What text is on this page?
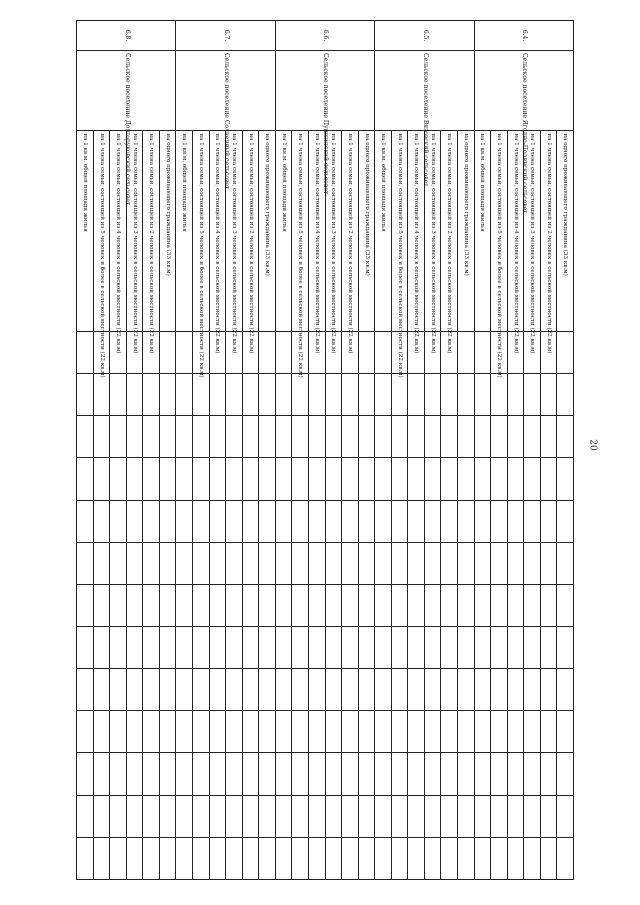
20
6.4.	Сельское поселение Ягодно-Полянский сельсовет	на одного проживающего гражданина (33 кв.м)													
		на 1 члена семьи, состоящей из 2 человек в сельской местности (22 кв.м)													
		на 1 члена семьи, состоящей из 3 человек в сельской местности (22 кв.м)													
		на 1 члена семьи, состоящей из 4 человек в сельской местности (22 кв.м)													
		на 1 члена семьи, состоящей из 5 человек и более в сельской местности (22 кв.м)													
		на 1 кв.м. общей площади жилья													
6.5.	Сельское поселение Вязовский сельсовет	на одного проживающего гражданина (33 кв.м)													
		на 1 члена семьи, состоящей из 2 человек в сельской местности (22 кв.м)													
		на 1 члена семьи, состоящей из 3 человек в сельской местности (22 кв.м)													
		на 1 члена семьи, состоящей из 4 человек в сельской местности (22 кв.м)													
		на 1 члена семьи, состоящей из 5 человек и более в сельской местности (22 кв.м)													
		на 1 кв.м. общей площади жилья													
6.6.	Сельское поселение Пушкинский сельсовет	на одного проживающего гражданина (33 кв.м)													
		на 1 члена семьи, состоящей из 2 человек в сельской местности (22 кв.м)													
		на 1 члена семьи, состоящей из 3 человек в сельской местности (22 кв.м)													
		на 1 члена семьи, состоящей из 4 человек в сельской местности (22 кв.м)													
		на 1 члена семьи, состоящей из 5 человек и более в сельской местности (22 кв.м)													
		на 1 кв.м. общей площади жилья													
6.7.	Сельское поселение Солнечный сельсовет	на одного проживающего гражданина (33 кв.м)													
		на 1 члена семьи, состоящей из 2 человек в сельской местности (22 кв.м)													
		на 1 члена семьи, состоящей из 3 человек в сельской местности (22 кв.м)													
		на 1 члена семьи, состоящей из 4 человек в сельской местности (22 кв.м)													
		на 1 члена семьи, состоящей из 5 человек и более в сельской местности (22 кв.м)													
		на 1 кв.м. общей площади жилья													
6.8.	Сельское поселение Долгоруковский сельсовет	на одного проживающего гражданина (33 кв.м)													
		на 1 члена семьи, состоящей из 2 человек в сельской местности (22 кв.м)													
		на 1 члена семьи, состоящей из 3 человек в сельской местности (22 кв.м)													
		на 1 члена семьи, состоящей из 4 человек в сельской местности (22 кв.м)													
		на 1 члена семьи, состоящей из 5 человек и более в сельской местности (22 кв.м)													
		на 1 кв.м. общей площади жилья													
